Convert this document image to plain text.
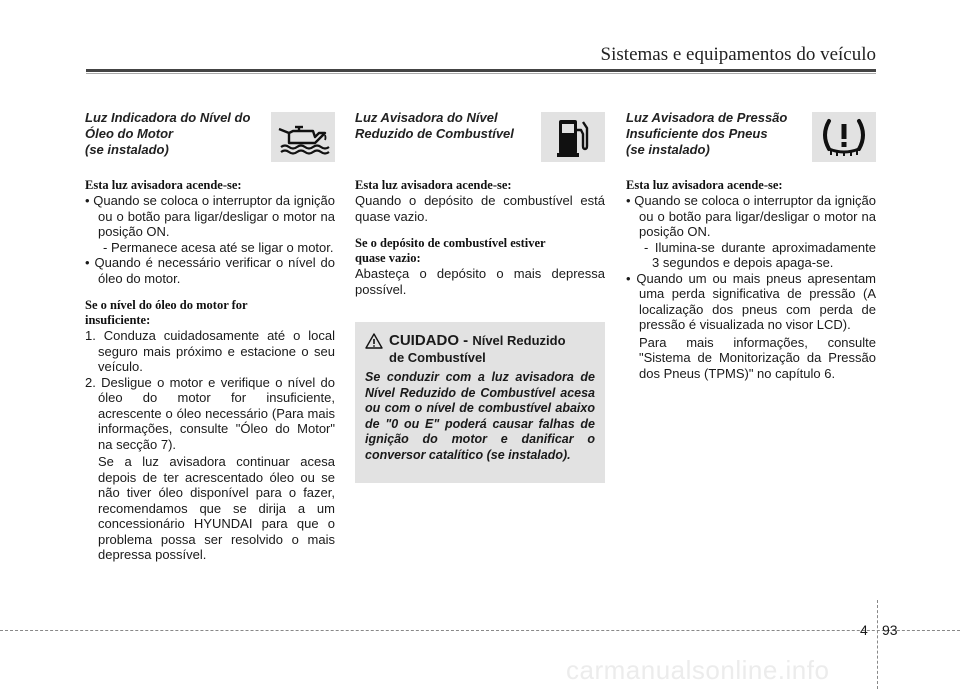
Sistemas e equipamentos do veículo
Luz Indicadora do Nível do
Óleo do Motor
(se instalado)
Esta luz avisadora acende-se:
• Quando se coloca o interruptor da ignição ou o botão para ligar/desligar o motor na posição ON.

- Permanece acesa até se ligar o motor.

• Quando é necessário verificar o nível do óleo do motor.
Se o nível do óleo do motor for
insuficiente:
1. Conduza cuidadosamente até o local seguro mais próximo e estacione o seu veículo.
2. Desligue o motor e verifique o nível do óleo do motor for insuficiente, acrescente o óleo necessário (Para mais informações, consulte "Óleo do Motor" na secção 7).

Se a luz avisadora continuar acesa depois de ter acrescentado óleo ou se não tiver óleo disponível para o fazer, recomendamos que se dirija a um concessionário HYUNDAI para que o problema possa ser resolvido o mais depressa possível.

Luz Avisadora do Nível
Reduzido de Combustível
Esta luz avisadora acende-se:

Quando o depósito de combustível está quase vazio.

Se o depósito de combustível estiver
quase vazio:

Abasteça o depósito o mais depressa possível.

CUIDADO - Nível Reduzido
de Combustível
Se conduzir com a luz avisadora de Nível Reduzido de Combustível acesa ou com o nível de combustível abaixo de "0 ou E" poderá causar falhas de ignição do motor e danificar o conversor catalítico (se instalado).
Luz Avisadora de Pressão
Insuficiente dos Pneus
(se instalado)
Esta luz avisadora acende-se:
• Quando se coloca o interruptor da ignição ou o botão para ligar/desligar o motor na posição ON.

- Ilumina-se durante aproximadamente 3 segundos e depois apaga-se.

• Quando um ou mais pneus apresentam uma perda significativa de pressão (A localização dos pneus com perda de pressão é visualizada no visor LCD).

Para mais informações, consulte "Sistema de Monitorização da Pressão dos Pneus (TPMS)" no capítulo 6.

4 93
carmanualsonline.info
